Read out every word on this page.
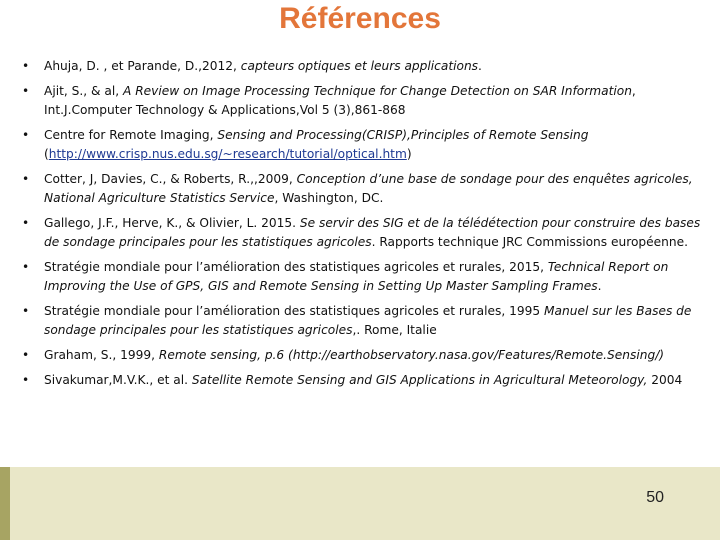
Références
• Ahuja, D. , et Parande, D.,2012, capteurs optiques et leurs applications.
• Ajit, S., & al, A Review on Image Processing Technique for Change Detection on SAR Information, Int.J.Computer Technology & Applications,Vol 5 (3),861-868
• Centre for Remote Imaging, Sensing and Processing(CRISP),Principles of Remote Sensing (http://www.crisp.nus.edu.sg/~research/tutorial/optical.htm)
• Cotter, J, Davies, C., & Roberts, R.,,2009, Conception d’une base de sondage pour des enquêtes agricoles, National Agriculture Statistics Service, Washington, DC.
• Gallego, J.F., Herve, K., & Olivier, L. 2015. Se servir des SIG et de la télédétection pour construire des bases de sondage principales pour les statistiques agricoles. Rapports technique JRC Commissions européenne.
• Stratégie mondiale pour l’amélioration des statistiques agricoles et rurales, 2015, Technical Report on Improving the Use of GPS, GIS and Remote Sensing in Setting Up Master Sampling Frames.
• Stratégie mondiale pour l’amélioration des statistiques agricoles et rurales, 1995 Manuel sur les Bases de sondage principales pour les statistiques agricoles,. Rome, Italie
• Graham, S., 1999, Remote sensing, p.6 (http://earthobservatory.nasa.gov/Features/Remote.Sensing/)
• Sivakumar,M.V.K., et al. Satellite Remote Sensing and GIS Applications in Agricultural Meteorology, 2004
50
